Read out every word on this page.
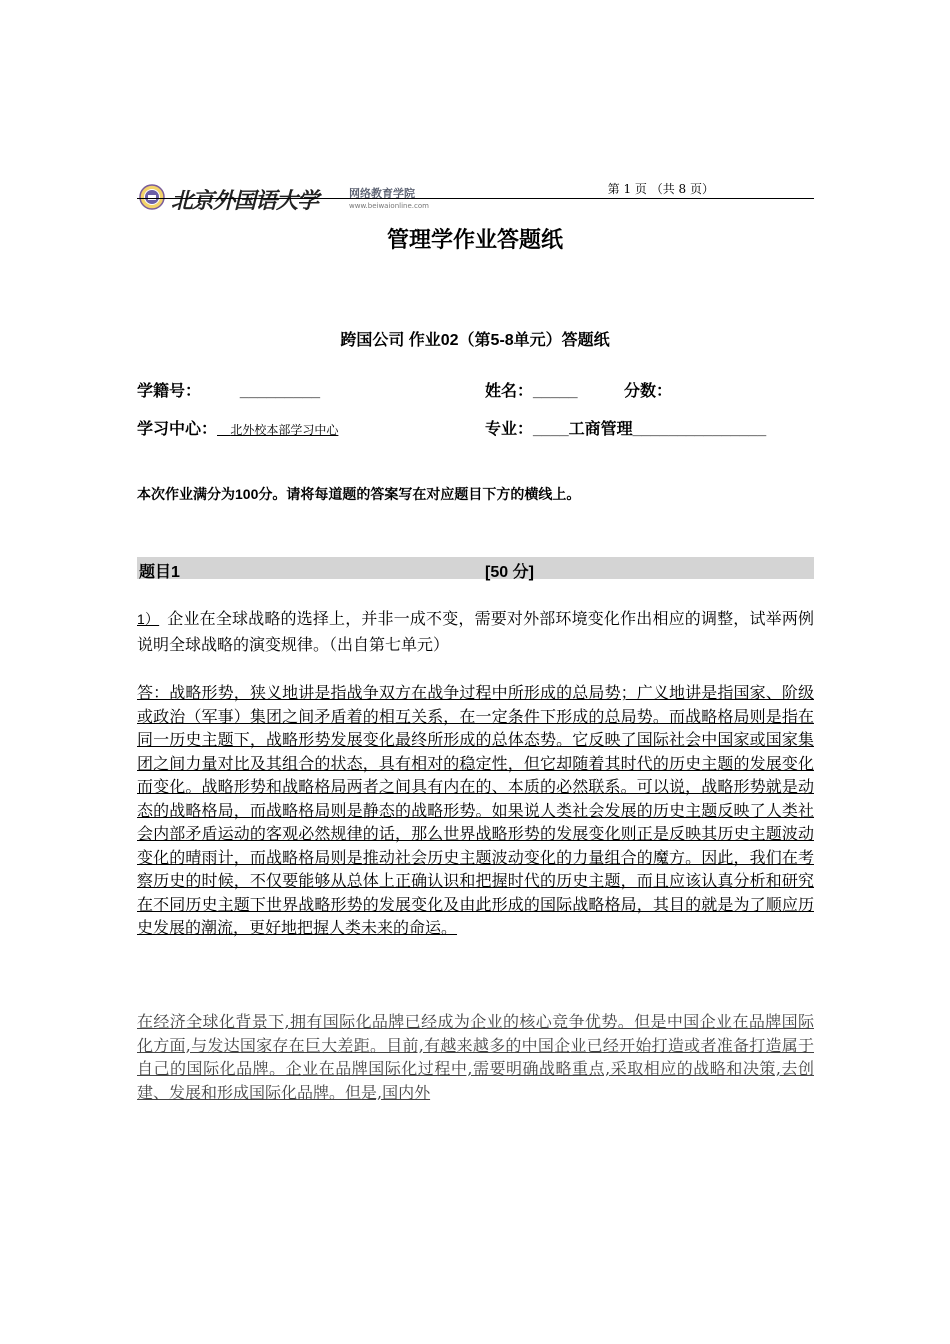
北京外国语大学	网络教育学院
www.beiwaionline.com
第 1 页 （共 8 页）
管理学作业答题纸
跨国公司 作业02（第5-8单元）答题纸
学籍号： _________	姓名：_____	分数：
学习中心： 北外校本部学习中心	专业：____工商管理_______________
本次作业满分为100分。请将每道题的答案写在对应题目下方的横线上。
题目1	[50 分]
1） 企业在全球战略的选择上，并非一成不变，需要对外部环境变化作出相应的调整，试举两例说明全球战略的演变规律。（出自第七单元）
答：战略形势，狭义地讲是指战争双方在战争过程中所形成的总局势；广义地讲是指国家、阶级或政治（军事）集团之间矛盾着的相互关系，在一定条件下形成的总局势。而战略格局则是指在同一历史主题下，战略形势发展变化最终所形成的总体态势。它反映了国际社会中国家或国家集团之间力量对比及其组合的状态，具有相对的稳定性，但它却随着其时代的历史主题的发展变化而变化。战略形势和战略格局两者之间具有内在的、本质的必然联系。可以说，战略形势就是动态的战略格局，而战略格局则是静态的战略形势。如果说人类社会发展的历史主题反映了人类社会内部矛盾运动的客观必然规律的话，那么世界战略形势的发展变化则正是反映其历史主题波动变化的晴雨计，而战略格局则是推动社会历史主题波动变化的力量组合的魔方。因此，我们在考察历史的时候，不仅要能够从总体上正确认识和把握时代的历史主题，而且应该认真分析和研究在不同历史主题下世界战略形势的发展变化及由此形成的国际战略格局，其目的就是为了顺应历史发展的潮流，更好地把握人类未来的命运。
在经济全球化背景下,拥有国际化品牌已经成为企业的核心竞争优势。但是中国企业在品牌国际化方面,与发达国家存在巨大差距。目前,有越来越多的中国企业已经开始打造或者准备打造属于自己的国际化品牌。企业在品牌国际化过程中,需要明确战略重点,采取相应的战略和决策,去创建、发展和形成国际化品牌。但是,国内外
